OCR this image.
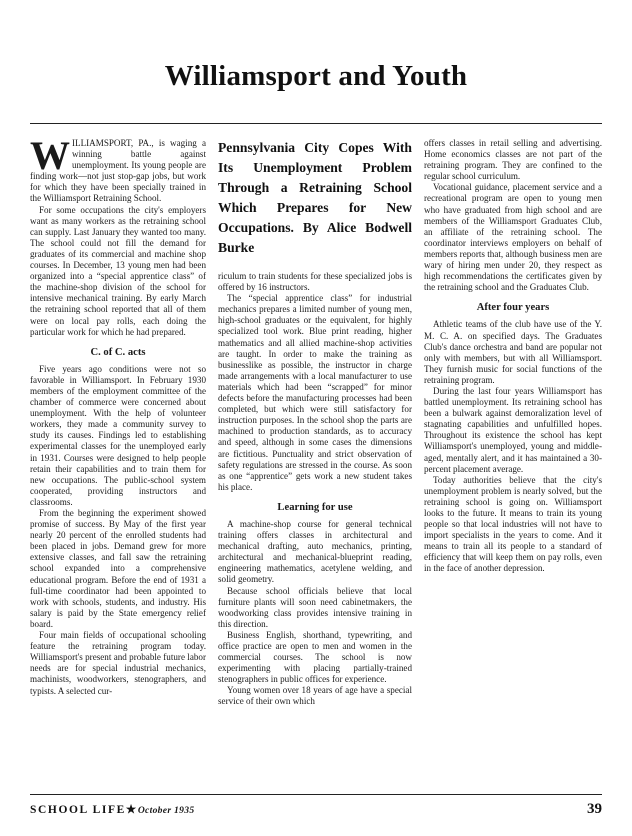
Williamsport and Youth

WILLIAMSPORT, PA., is waging a winning battle against unemployment. Its young people are finding work—not just stop-gap jobs, but work for which they have been specially trained in the Williamsport Retraining School.

For some occupations the city's employers want as many workers as the retraining school can supply. Last January they wanted too many. The school could not fill the demand for graduates of its commercial and machine shop courses. In December, 13 young men had been organized into a “special apprentice class” of the machine-shop division of the school for intensive mechanical training. By early March the retraining school reported that all of them were on local pay rolls, each doing the particular work for which he had prepared.

C. of C. acts

Five years ago conditions were not so favorable in Williamsport. In February 1930 members of the employment committee of the chamber of commerce were concerned about unemployment. With the help of volunteer workers, they made a community survey to study its causes. Findings led to establishing experimental classes for the unemployed early in 1931. Courses were designed to help people retain their capabilities and to train them for new occupations. The public-school system cooperated, providing instructors and classrooms.

From the beginning the experiment showed promise of success. By May of the first year nearly 20 percent of the enrolled students had been placed in jobs. Demand grew for more extensive classes, and fall saw the retraining school expanded into a comprehensive educational program. Before the end of 1931 a full-time coordinator had been appointed to work with schools, students, and industry. His salary is paid by the State emergency relief board.

Four main fields of occupational schooling feature the retraining program today. Williamsport's present and probable future labor needs are for special industrial mechanics, machinists, woodworkers, stenographers, and typists. A selected cur-

Pennsylvania City Copes With Its Unemployment Problem Through a Retraining School Which Prepares for New Occupations. By Alice Bodwell Burke

riculum to train students for these specialized jobs is offered by 16 instructors.

The “special apprentice class” for industrial mechanics prepares a limited number of young men, high-school graduates or the equivalent, for highly specialized tool work. Blue print reading, higher mathematics and all allied machine-shop activities are taught. In order to make the training as businesslike as possible, the instructor in charge made arrangements with a local manufacturer to use materials which had been “scrapped” for minor defects before the manufacturing processes had been completed, but which were still satisfactory for instruction purposes. In the school shop the parts are machined to production standards, as to accuracy and speed, although in some cases the dimensions are fictitious. Punctuality and strict observation of safety regulations are stressed in the course. As soon as one “apprentice” gets work a new student takes his place.

Learning for use

A machine-shop course for general technical training offers classes in architectural and mechanical drafting, auto mechanics, printing, architectural and mechanical-blueprint reading, engineering mathematics, acetylene welding, and solid geometry.

Because school officials believe that local furniture plants will soon need cabinetmakers, the woodworking class provides intensive training in this direction.

Business English, shorthand, typewriting, and office practice are open to men and women in the commercial courses. The school is now experimenting with placing partially-trained stenographers in public offices for experience.

Young women over 18 years of age have a special service of their own which

offers classes in retail selling and advertising. Home economics classes are not part of the retraining program. They are confined to the regular school curriculum.

Vocational guidance, placement service and a recreational program are open to young men who have graduated from high school and are members of the Williamsport Graduates Club, an affiliate of the retraining school. The coordinator interviews employers on behalf of members reports that, although business men are wary of hiring men under 20, they respect as high recommendations the certificates given by the retraining school and the Graduates Club.

After four years

Athletic teams of the club have use of the Y. M. C. A. on specified days. The Graduates Club's dance orchestra and band are popular not only with members, but with all Williamsport. They furnish music for social functions of the retraining program.

During the last four years Williamsport has battled unemployment. Its retraining school has been a bulwark against demoralization level of stagnating capabilities and unfulfilled hopes. Throughout its existence the school has kept Williamsport's unemployed, young and middle-aged, mentally alert, and it has maintained a 30-percent placement average.

Today authorities believe that the city's unemployment problem is nearly solved, but the retraining school is going on. Williamsport looks to the future. It means to train its young people so that local industries will not have to import specialists in the years to come. And it means to train all its people to a standard of efficiency that will keep them on pay rolls, even in the face of another depression.

SCHOOL LIFE★October 1935	39
